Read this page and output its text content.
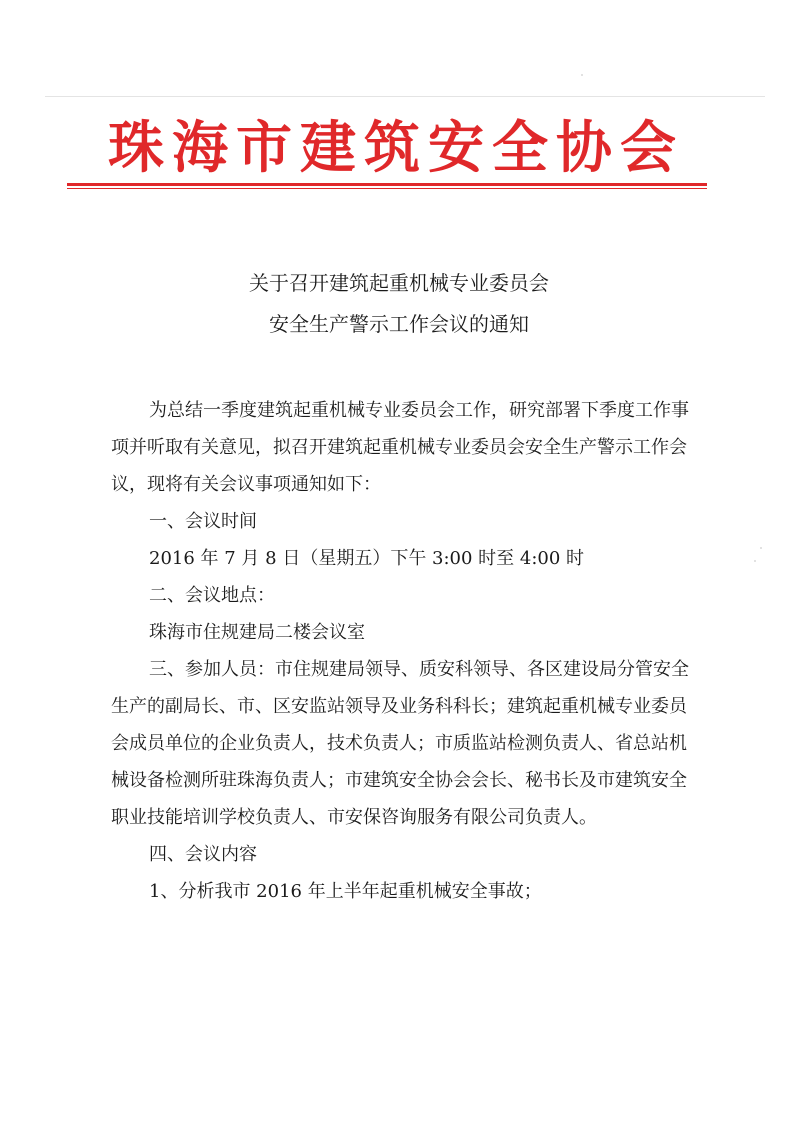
珠海市建筑安全协会
关于召开建筑起重机械专业委员会
安全生产警示工作会议的通知

为总结一季度建筑起重机械专业委员会工作，研究部署下季度工作事项并听取有关意见，拟召开建筑起重机械专业委员会安全生产警示工作会议，现将有关会议事项通知如下：

一、会议时间

2016 年 7 月 8 日（星期五）下午 3:00 时至 4:00 时

二、会议地点：

珠海市住规建局二楼会议室

三、参加人员：市住规建局领导、质安科领导、各区建设局分管安全生产的副局长、市、区安监站领导及业务科科长；建筑起重机械专业委员会成员单位的企业负责人，技术负责人；市质监站检测负责人、省总站机械设备检测所驻珠海负责人；市建筑安全协会会长、秘书长及市建筑安全职业技能培训学校负责人、市安保咨询服务有限公司负责人。

四、会议内容

1、分析我市 2016 年上半年起重机械安全事故；
